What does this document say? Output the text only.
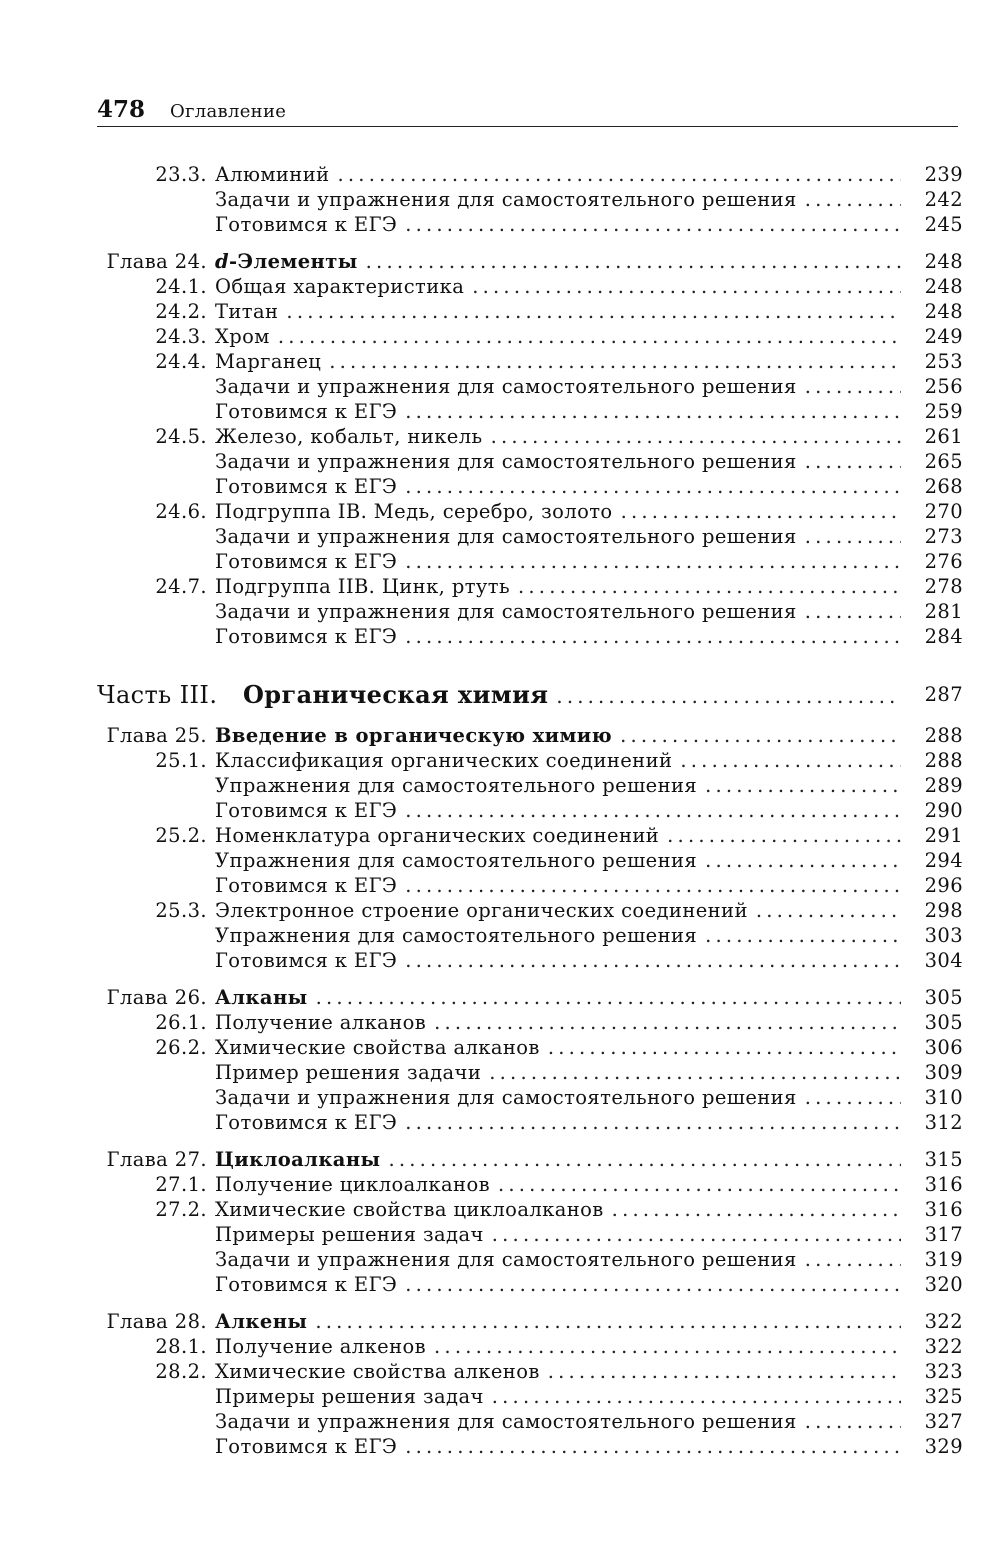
478 Оглавление
23.3. Алюминий . . .	239
Задачи и упражнения для самостоятельного решения . . .	242
Готовимся к ЕГЭ . . .	245
Глава 24. d-Элементы . . .	248
24.1. Общая характеристика . . .	248
24.2. Титан . . .	248
24.3. Хром . . .	249
24.4. Марганец . . .	253
Задачи и упражнения для самостоятельного решения . . .	256
Готовимся к ЕГЭ . . .	259
24.5. Железо, кобальт, никель . . .	261
Задачи и упражнения для самостоятельного решения . . .	265
Готовимся к ЕГЭ . . .	268
24.6. Подгруппа IВ. Медь, серебро, золото . . .	270
Задачи и упражнения для самостоятельного решения . . .	273
Готовимся к ЕГЭ . . .	276
24.7. Подгруппа IIВ. Цинк, ртуть . . .	278
Задачи и упражнения для самостоятельного решения . . .	281
Готовимся к ЕГЭ . . .	284
Часть III. Органическая химия . . .	287
Глава 25. Введение в органическую химию . . .	288
25.1. Классификация органических соединений . . .	288
Упражнения для самостоятельного решения . . .	289
Готовимся к ЕГЭ . . .	290
25.2. Номенклатура органических соединений . . .	291
Упражнения для самостоятельного решения . . .	294
Готовимся к ЕГЭ . . .	296
25.3. Электронное строение органических соединений . . .	298
Упражнения для самостоятельного решения . . .	303
Готовимся к ЕГЭ . . .	304
Глава 26. Алканы . . .	305
26.1. Получение алканов . . .	305
26.2. Химические свойства алканов . . .	306
Пример решения задачи . . .	309
Задачи и упражнения для самостоятельного решения . . .	310
Готовимся к ЕГЭ . . .	312
Глава 27. Циклоалканы . . .	315
27.1. Получение циклоалканов . . .	316
27.2. Химические свойства циклоалканов . . .	316
Примеры решения задач . . .	317
Задачи и упражнения для самостоятельного решения . . .	319
Готовимся к ЕГЭ . . .	320
Глава 28. Алкены . . .	322
28.1. Получение алкенов . . .	322
28.2. Химические свойства алкенов . . .	323
Примеры решения задач . . .	325
Задачи и упражнения для самостоятельного решения . . .	327
Готовимся к ЕГЭ . . .	329
